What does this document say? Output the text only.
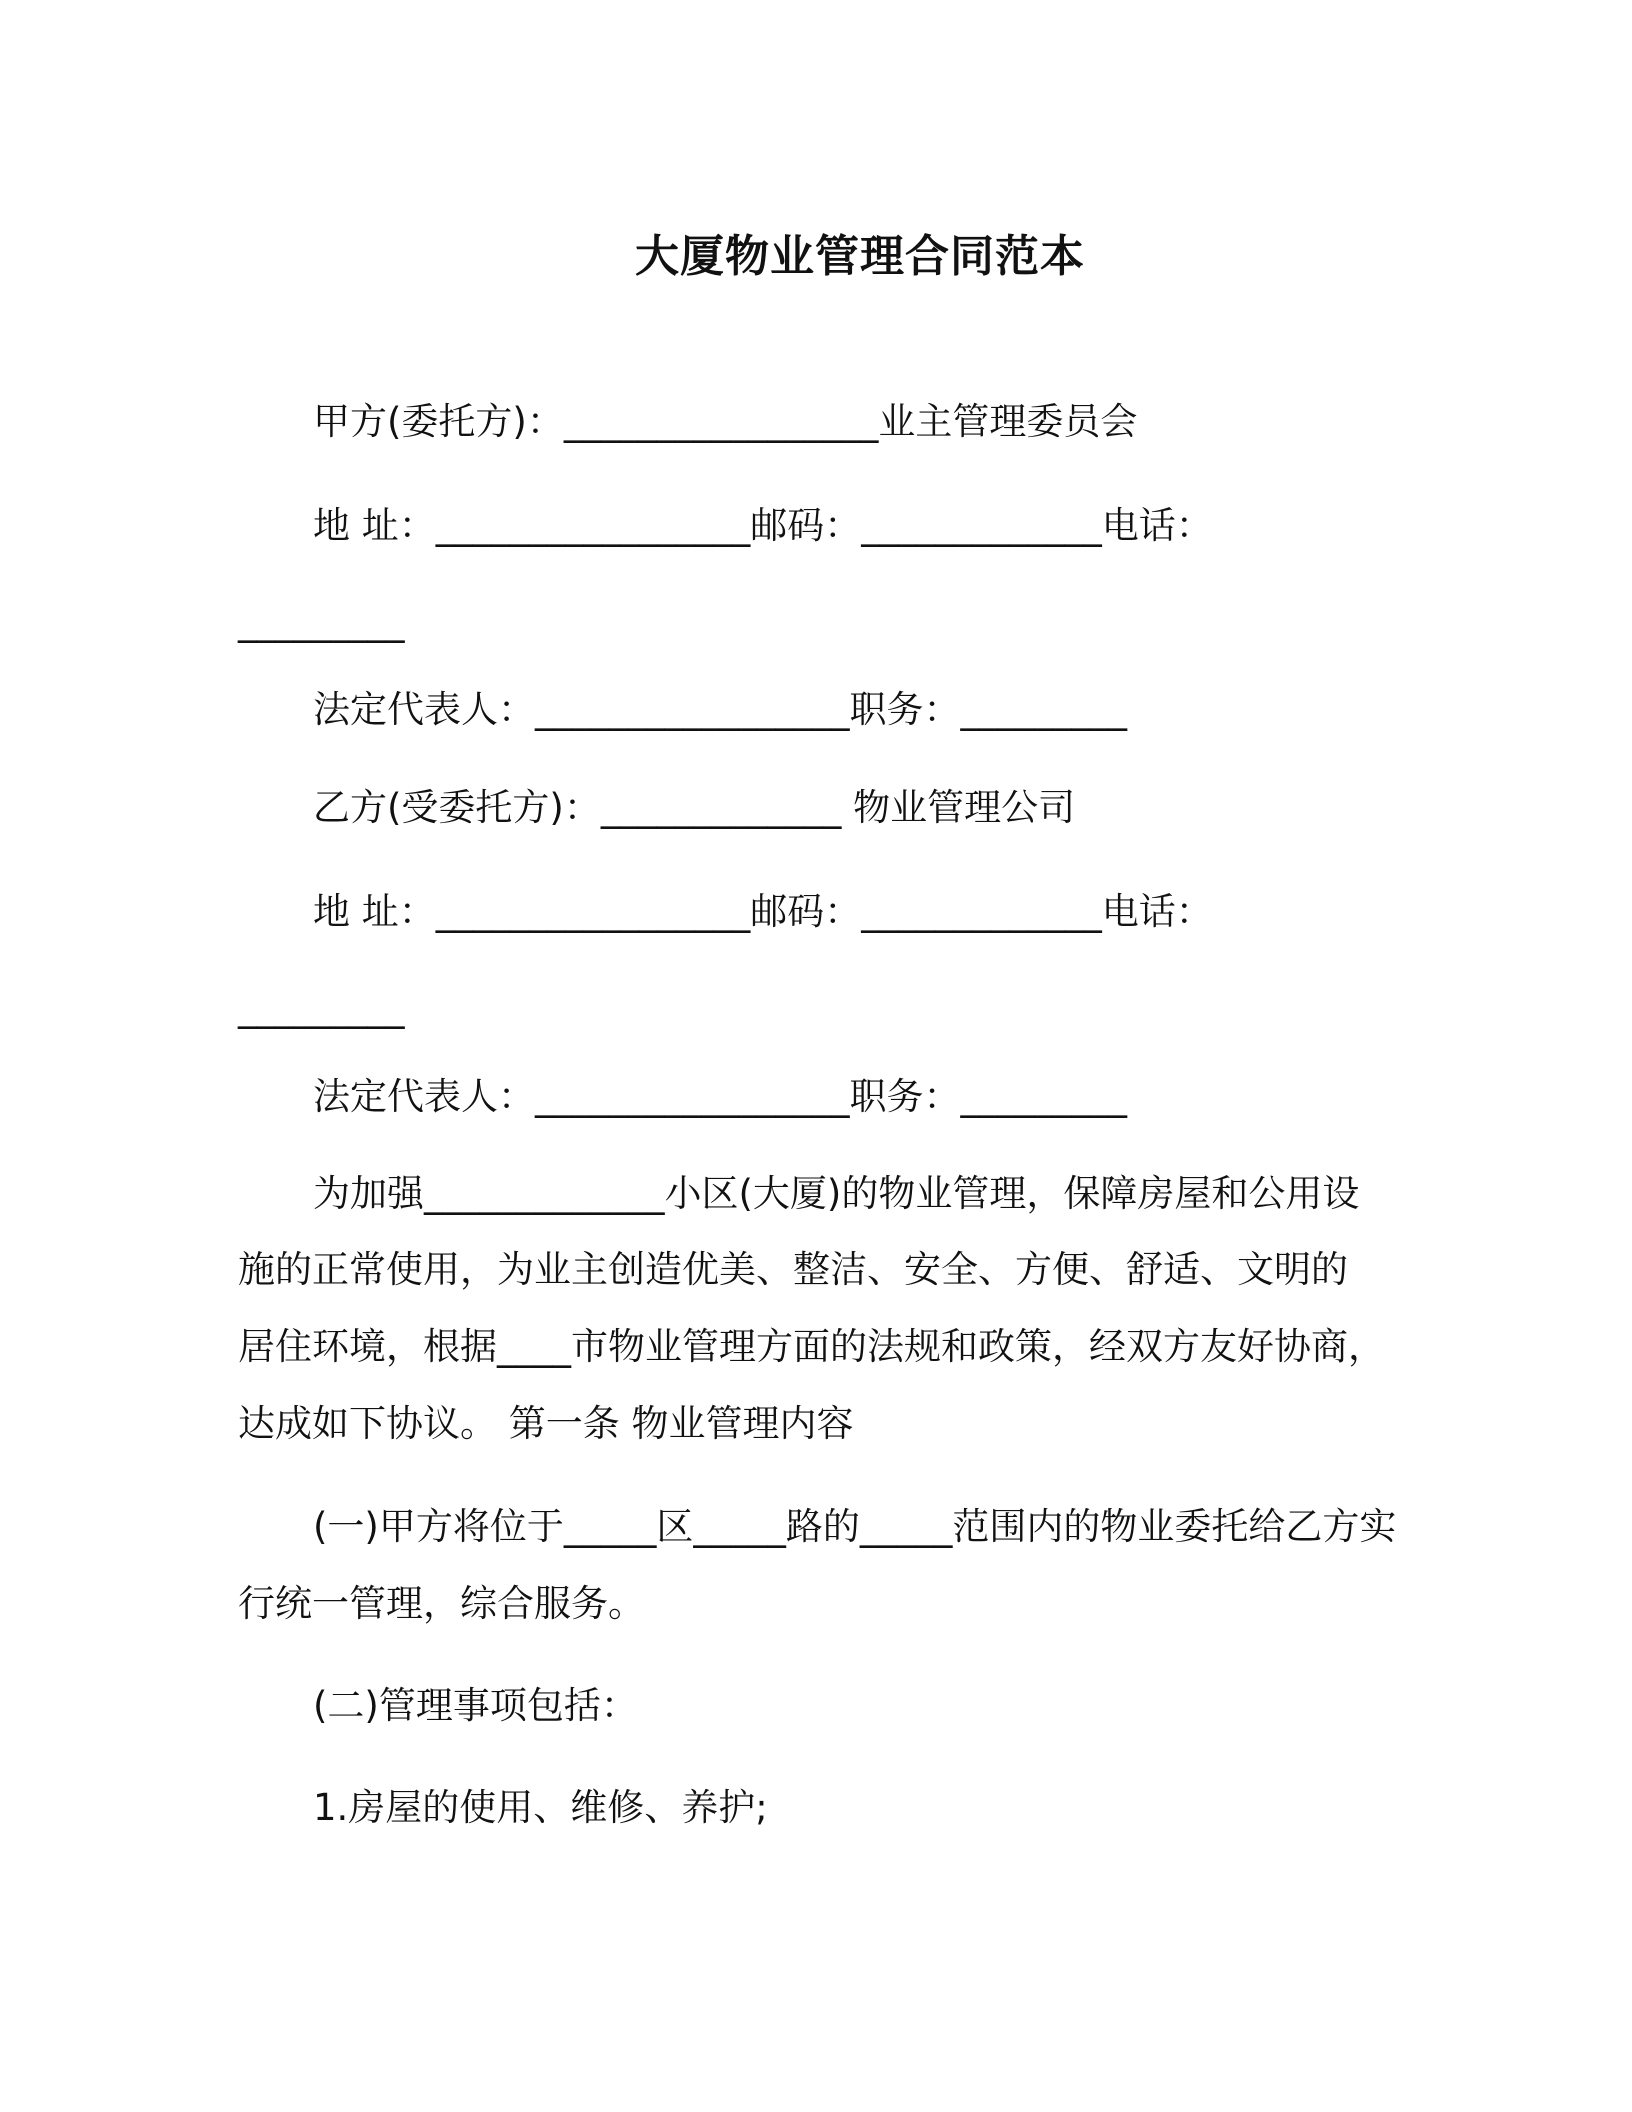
大厦物业管理合同范本
甲方(委托方)：_________________业主管理委员会
地 址：_________________邮码：_____________电话：
_________
法定代表人：_________________职务：_________
乙方(受委托方)：_____________ 物业管理公司
地 址：_________________邮码：_____________电话：
_________
法定代表人：_________________职务：_________
为加强_____________小区(大厦)的物业管理，保障房屋和公用设
施的正常使用，为业主创造优美、整洁、安全、方便、舒适、文明的
居住环境，根据____市物业管理方面的法规和政策，经双方友好协商，
达成如下协议。 第一条 物业管理内容
(一)甲方将位于_____区_____路的_____范围内的物业委托给乙方实
行统一管理，综合服务。
(二)管理事项包括：
1.房屋的使用、维修、养护;
